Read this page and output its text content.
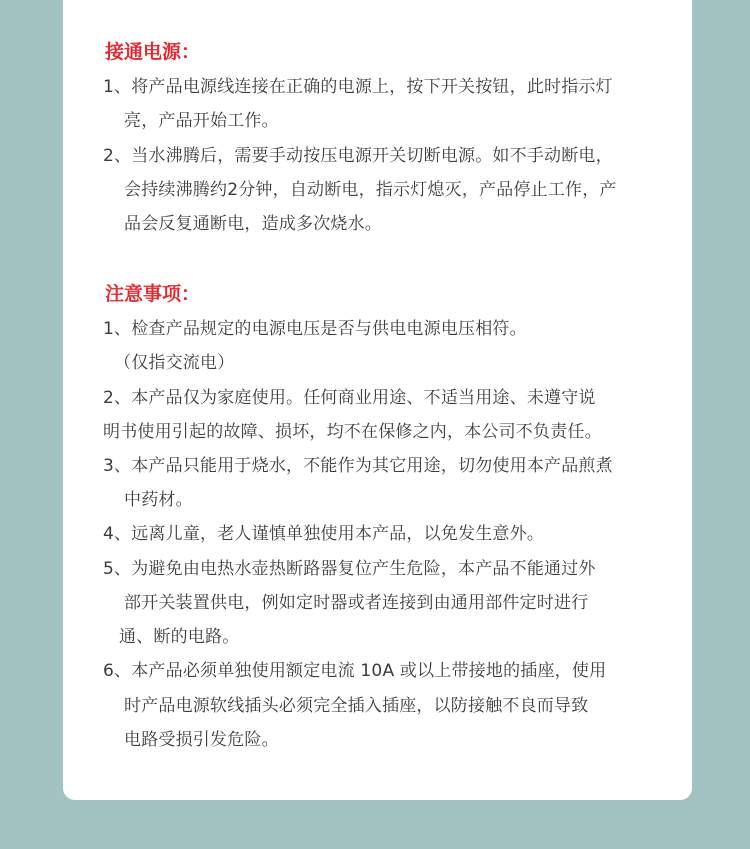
接通电源：

1、将产品电源线连接在正确的电源上，按下开关按钮，此时指示灯

亮，产品开始工作。

2、当水沸腾后，需要手动按压电源开关切断电源。如不手动断电，

会持续沸腾约2分钟，自动断电，指示灯熄灭，产品停止工作，产

品会反复通断电，造成多次烧水。

注意事项：

1、检查产品规定的电源电压是否与供电电源电压相符。

（仅指交流电）

2、本产品仅为家庭使用。任何商业用途、不适当用途、未遵守说

明书使用引起的故障、损坏，均不在保修之内，本公司不负责任。

3、本产品只能用于烧水，不能作为其它用途，切勿使用本产品煎煮

中药材。

4、远离儿童，老人谨慎单独使用本产品，以免发生意外。

5、为避免由电热水壶热断路器复位产生危险，本产品不能通过外

部开关装置供电，例如定时器或者连接到由通用部件定时进行

通、断的电路。

6、本产品必须单独使用额定电流 10A 或以上带接地的插座，使用

时产品电源软线插头必须完全插入插座，以防接触不良而导致

电路受损引发危险。
